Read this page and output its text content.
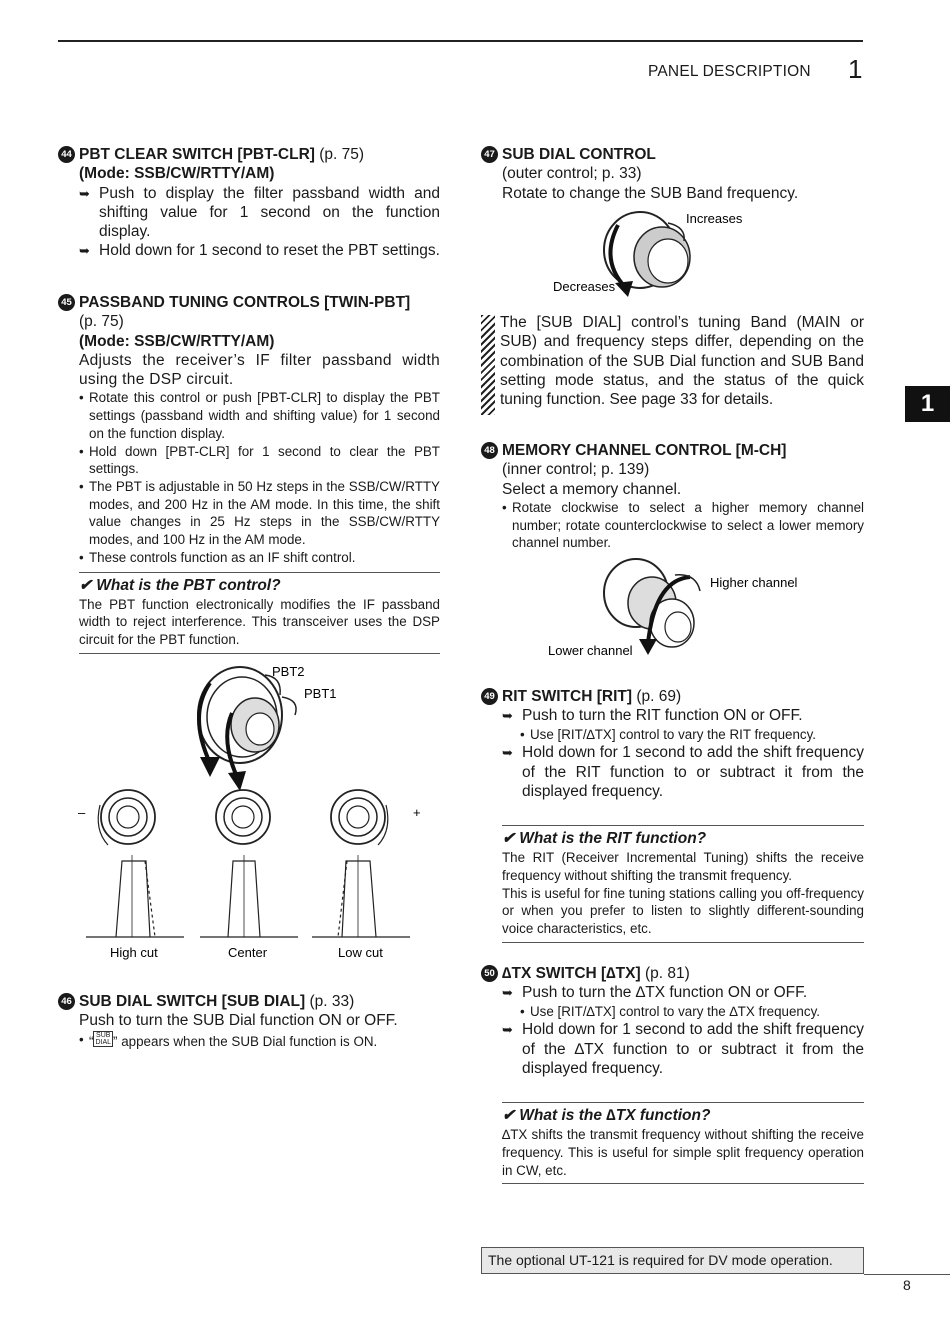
PANEL DESCRIPTION 1
1
44 PBT CLEAR SWITCH [PBT-CLR] (p. 75)
(Mode: SSB/CW/RTTY/AM)
➥ Push to display the filter passband width and shifting value for 1 second on the function display.
➥ Hold down for 1 second to reset the PBT settings.
45 PASSBAND TUNING CONTROLS [TWIN-PBT]
(p. 75)
(Mode: SSB/CW/RTTY/AM)
Adjusts the receiver’s IF filter passband width using the DSP circuit.
• Rotate this control or push [PBT-CLR] to display the PBT settings (passband width and shifting value) for 1 second on the function display.
• Hold down [PBT-CLR] for 1 second to clear the PBT settings.
• The PBT is adjustable in 50 Hz steps in the SSB/CW/RTTY modes, and 200 Hz in the AM mode. In this time, the shift value changes in 25 Hz steps in the SSB/CW/RTTY modes, and 100 Hz in the AM mode.
• These controls function as an IF shift control.
✔ What is the PBT control?
The PBT function electronically modifies the IF passband width to reject interference. This transceiver uses the DSP circuit for the PBT function.
PBT2
PBT1
–	+
High cut	Center	Low cut
46 SUB DIAL SWITCH [SUB DIAL] (p. 33)
Push to turn the SUB Dial function ON or OFF.
• “ SUB
DIAL ” appears when the SUB Dial function is ON.
47 SUB DIAL CONTROL
(outer control; p. 33)
Rotate to change the SUB Band frequency.
Increases
Decreases
The [SUB DIAL] control’s tuning Band (MAIN or SUB) and frequency steps differ, depending on the combination of the SUB Dial function and SUB Band setting mode status, and the status of the quick tuning function. See page 33 for details.
48 MEMORY CHANNEL CONTROL [M-CH]
(inner control; p. 139)
Select a memory channel.
• Rotate clockwise to select a higher memory channel number; rotate counterclockwise to select a lower memory channel number.
Higher channel
Lower channel
49 RIT SWITCH [RIT] (p. 69)
➥ Push to turn the RIT function ON or OFF.
• Use [RIT/∆TX] control to vary the RIT frequency.
➥ Hold down for 1 second to add the shift frequency of the RIT function to or subtract it from the displayed frequency.
✔ What is the RIT function?
The RIT (Receiver Incremental Tuning) shifts the receive frequency without shifting the transmit frequency.
This is useful for fine tuning stations calling you off-frequency or when you prefer to listen to slightly different-sounding voice characteristics, etc.
50 ∆TX SWITCH [∆TX] (p. 81)
➥ Push to turn the ∆TX function ON or OFF.
• Use [RIT/∆TX] control to vary the ∆TX frequency.
➥ Hold down for 1 second to add the shift frequency of the ∆TX function to or subtract it from the displayed frequency.
✔ What is the ∆TX function?
∆TX shifts the transmit frequency without shifting the receive frequency. This is useful for simple split frequency operation in CW, etc.
The optional UT-121 is required for DV mode operation.
8
